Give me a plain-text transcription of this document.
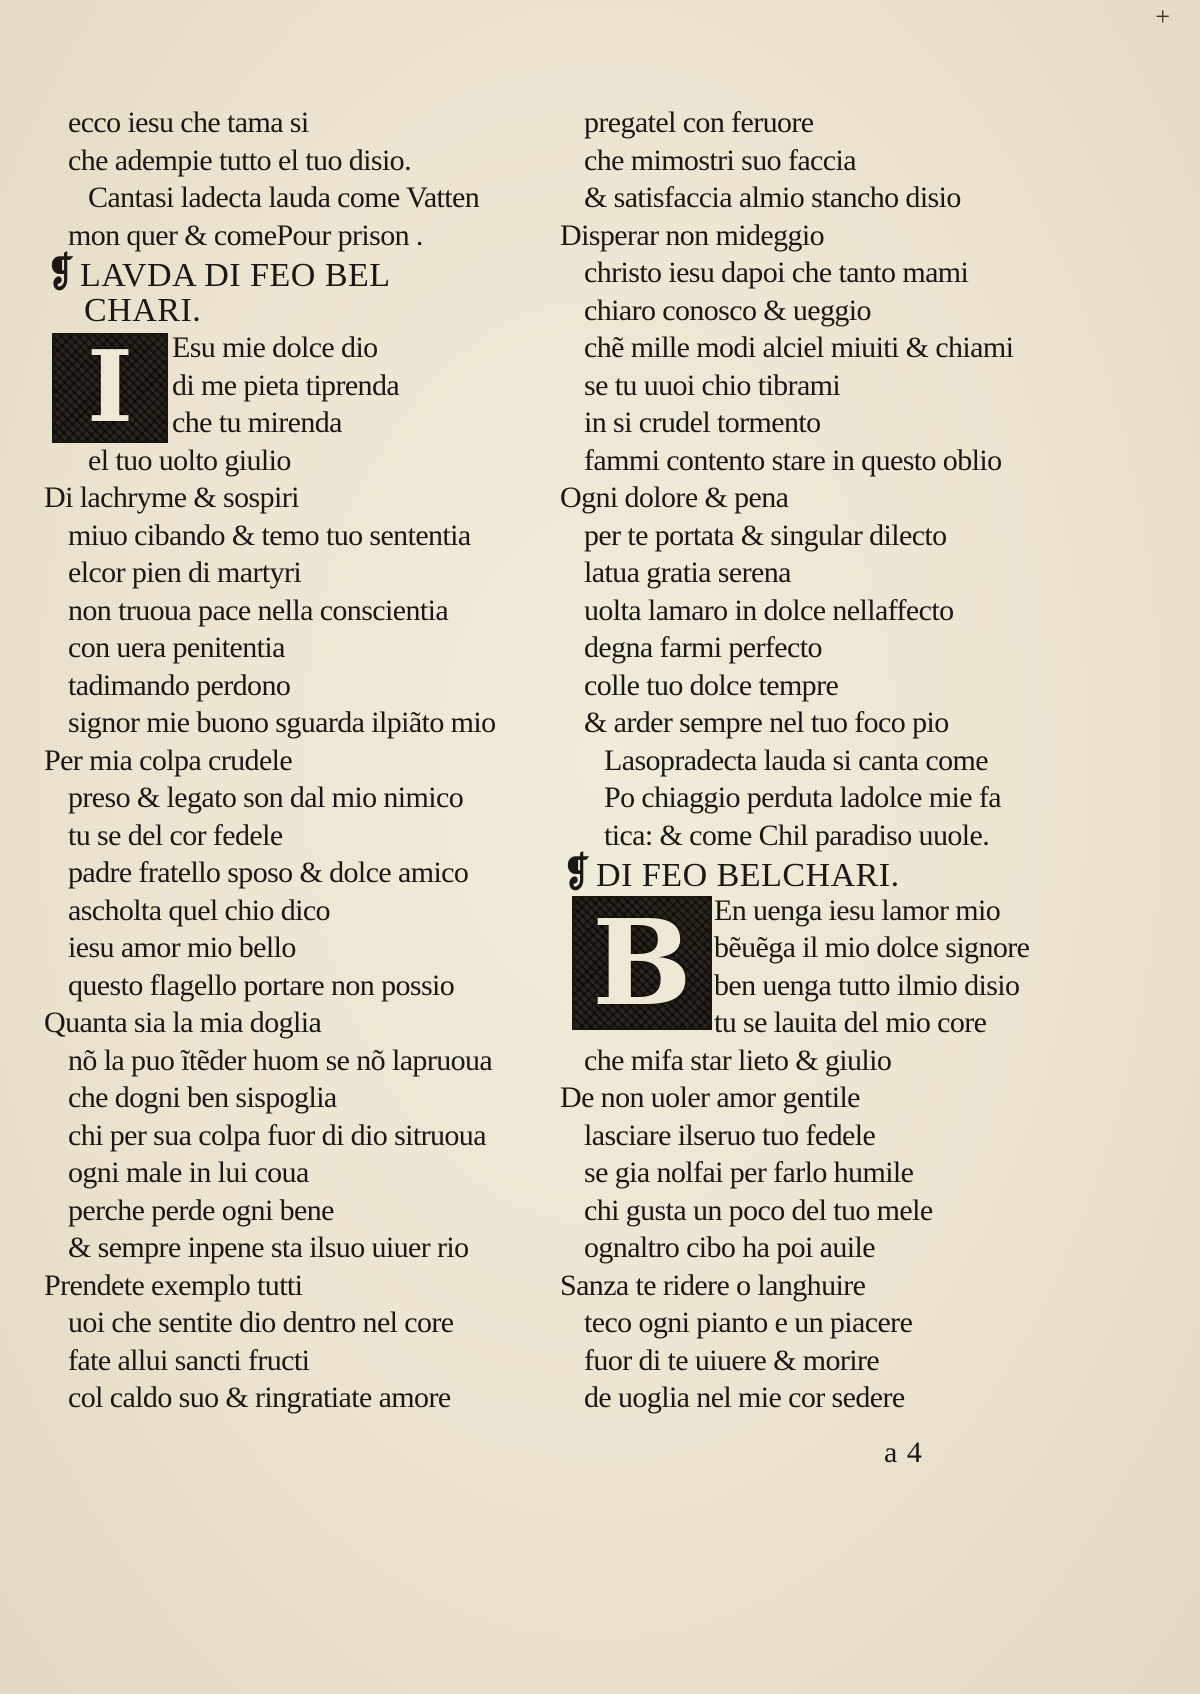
+
ecco iesu che tama si
che adempie tutto el tuo disio.
Cantasi ladecta lauda come Vatten
mon quer & comePour prison .
❡ LAVDA DI FEO BEL
CHARI.
I	Esu mie dolce dio
di me pieta tiprenda
che tu mirenda
el tuo uolto giulio
Di lachryme & sospiri
miuo cibando & temo tuo sententia
elcor pien di martyri
non truoua pace nella conscientia
con uera penitentia
tadimando perdono
signor mie buono sguarda ilpiãto mio
Per mia colpa crudele
preso & legato son dal mio nimico
tu se del cor fedele
padre fratello sposo & dolce amico
ascholta quel chio dico
iesu amor mio bello
questo flagello portare non possio
Quanta sia la mia doglia
nõ la puo ĩtẽder huom se nõ lapruoua
che dogni ben sispoglia
chi per sua colpa fuor di dio sitruoua
ogni male in lui coua
perche perde ogni bene
& sempre inpene sta ilsuo uiuer rio
Prendete exemplo tutti
uoi che sentite dio dentro nel core
fate allui sancti fructi
col caldo suo & ringratiate amore
pregatel con feruore
che mimostri suo faccia
& satisfaccia almio stancho disio
Disperar non mideggio
christo iesu dapoi che tanto mami
chiaro conosco & ueggio
chẽ mille modi alciel miuiti & chiami
se tu uuoi chio tibrami
in si crudel tormento
fammi contento stare in questo oblio
Ogni dolore & pena
per te portata & singular dilecto
latua gratia serena
uolta lamaro in dolce nellaffecto
degna farmi perfecto
colle tuo dolce tempre
& arder sempre nel tuo foco pio
Lasopradecta lauda si canta come
Po chiaggio perduta ladolce mie fa
tica: & come Chil paradiso uuole.
❡ DI FEO BELCHARI.
B En uenga iesu lamor mio
bẽuẽga il mio dolce signore
ben uenga tutto ilmio disio
tu se lauita del mio core
che mifa star lieto & giulio
De non uoler amor gentile
lasciare ilseruo tuo fedele
se gia nolfai per farlo humile
chi gusta un poco del tuo mele
ognaltro cibo ha poi auile
Sanza te ridere o langhuire
teco ogni pianto e un piacere
fuor di te uiuere & morire
de uoglia nel mie cor sedere
a 4
